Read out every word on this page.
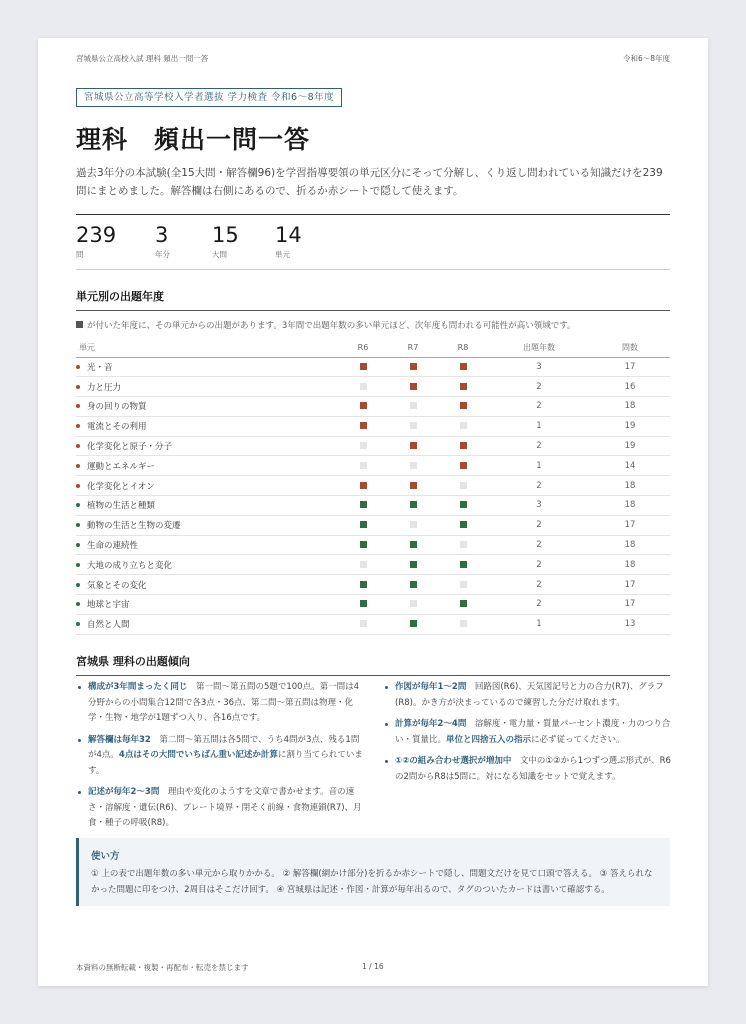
宮城県公立高校入試 理科 頻出一問一答	令和6～8年度
宮城県公立高等学校入学者選抜 学力検査 令和6～8年度
理科　頻出一問一答
過去3年分の本試験(全15大問・解答欄96)を学習指導要領の単元区分にそって分解し、くり返し問われている知識だけを239問にまとめました。解答欄は右側にあるので、折るか赤シートで隠して使えます。
239
問
3
年分
15
大問
14
単元
単元別の出題年度
が付いた年度に、その単元からの出題があります。3年間で出題年数の多い単元ほど、次年度も問われる可能性が高い領域です。
単元	R6	R7	R8	出題年数	問数
光・音				3	17
力と圧力				2	16
身の回りの物質				2	18
電流とその利用				1	19
化学変化と原子・分子				2	19
運動とエネルギー				1	14
化学変化とイオン				2	18
植物の生活と種類				3	18
動物の生活と生物の変遷				2	17
生命の連続性				2	18
大地の成り立ちと変化				2	18
気象とその変化				2	17
地球と宇宙				2	17
自然と人間				1	13
宮城県 理科の出題傾向
構成が3年間まったく同じ　 第一問～第五問の5題で100点。第一問は4分野からの小問集合12問で各3点・36点、第二問～第五問は物理・化学・生物・地学が1題ずつ入り、各16点です。
解答欄は毎年32　 第二問～第五問は各5問で、うち4問が3点、残る1問が4点。4点はその大問でいちばん重い記述か計算に割り当てられています。
記述が毎年2～3問　 理由や変化のようすを文章で書かせます。音の速さ・溶解度・遺伝(R6)、プレート境界・閉そく前線・食物連鎖(R7)、月食・種子の呼吸(R8)。
作図が毎年1～2問　 回路図(R6)、天気図記号と力の合力(R7)、グラフ(R8)。かき方が決まっているので練習した分だけ取れます。
計算が毎年2～4問　 溶解度・電力量・質量パーセント濃度・力のつり合い・質量比。単位と四捨五入の指示に必ず従ってください。
①②の組み合わせ選択が増加中　 文中の①②から1つずつ選ぶ形式が、R6の2問からR8は5問に。対になる知識をセットで覚えます。
使い方
① 上の表で出題年数の多い単元から取りかかる。 ② 解答欄(網かけ部分)を折るか赤シートで隠し、問題文だけを見て口頭で答える。 ③ 答えられなかった問題に印をつけ、2周目はそこだけ回す。 ④ 宮城県は記述・作図・計算が毎年出るので、タグのついたカードは書いて確認する。
本資料の無断転載・複製・再配布・転売を禁じます	1 / 16
